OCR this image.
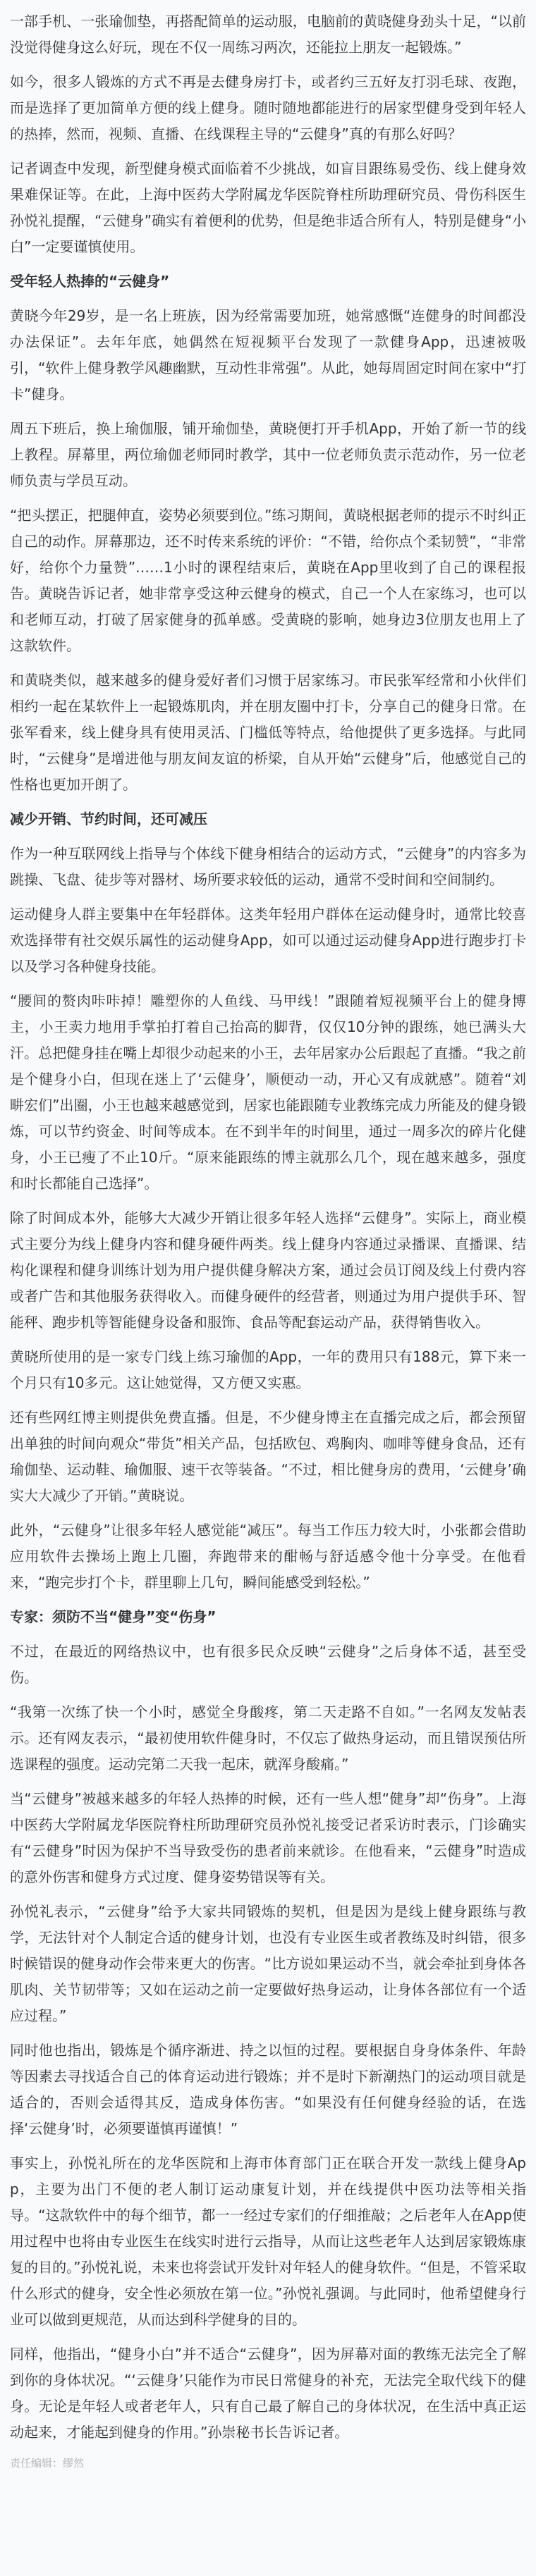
一部手机、一张瑜伽垫，再搭配简单的运动服，电脑前的黄晓健身劲头十足，“以前没觉得健身这么好玩，现在不仅一周练习两次，还能拉上朋友一起锻炼。”

如今，很多人锻炼的方式不再是去健身房打卡，或者约三五好友打羽毛球、夜跑，而是选择了更加简单方便的线上健身。随时随地都能进行的居家型健身受到年轻人的热捧，然而，视频、直播、在线课程主导的“云健身”真的有那么好吗？

记者调查中发现，新型健身模式面临着不少挑战，如盲目跟练易受伤、线上健身效果难保证等。在此，上海中医药大学附属龙华医院脊柱所助理研究员、骨伤科医生孙悦礼提醒，“云健身”确实有着便利的优势，但是绝非适合所有人，特别是健身“小白”一定要谨慎使用。

受年轻人热捧的“云健身”

黄晓今年29岁，是一名上班族，因为经常需要加班，她常感慨“连健身的时间都没办法保证”。去年年底，她偶然在短视频平台发现了一款健身App，迅速被吸引，“软件上健身教学风趣幽默，互动性非常强”。从此，她每周固定时间在家中“打卡”健身。

周五下班后，换上瑜伽服，铺开瑜伽垫，黄晓便打开手机App，开始了新一节的线上教程。屏幕里，两位瑜伽老师同时教学，其中一位老师负责示范动作，另一位老师负责与学员互动。

“把头摆正，把腿伸直，姿势必须要到位。”练习期间，黄晓根据老师的提示不时纠正自己的动作。屏幕那边，还不时传来系统的评价：“不错，给你点个柔韧赞”，“非常好，给你个力量赞”……1小时的课程结束后，黄晓在App里收到了自己的课程报告。黄晓告诉记者，她非常享受这种云健身的模式，自己一个人在家练习，也可以和老师互动，打破了居家健身的孤单感。受黄晓的影响，她身边3位朋友也用上了这款软件。

和黄晓类似，越来越多的健身爱好者们习惯于居家练习。市民张军经常和小伙伴们相约一起在某软件上一起锻炼肌肉，并在朋友圈中打卡，分享自己的健身日常。在张军看来，线上健身具有使用灵活、门槛低等特点，给他提供了更多选择。与此同时，“云健身”是增进他与朋友间友谊的桥梁，自从开始“云健身”后，他感觉自己的性格也更加开朗了。

减少开销、节约时间，还可减压

作为一种互联网线上指导与个体线下健身相结合的运动方式，“云健身”的内容多为跳操、飞盘、徒步等对器材、场所要求较低的运动，通常不受时间和空间制约。

运动健身人群主要集中在年轻群体。这类年轻用户群体在运动健身时，通常比较喜欢选择带有社交娱乐属性的运动健身App，如可以通过运动健身App进行跑步打卡以及学习各种健身技能。

“腰间的赘肉咔咔掉！雕塑你的人鱼线、马甲线！”跟随着短视频平台上的健身博主，小王卖力地用手掌拍打着自己抬高的脚背，仅仅10分钟的跟练，她已满头大汗。总把健身挂在嘴上却很少动起来的小王，去年居家办公后跟起了直播。“我之前是个健身小白，但现在迷上了‘云健身’，顺便动一动，开心又有成就感”。随着“刘畊宏们”出圈，小王也越来越感觉到，居家也能跟随专业教练完成力所能及的健身锻炼，可以节约资金、时间等成本。在不到半年的时间里，通过一周多次的碎片化健身，小王已瘦了不止10斤。“原来能跟练的博主就那么几个，现在越来越多，强度和时长都能自己选择”。

除了时间成本外，能够大大减少开销让很多年轻人选择“云健身”。实际上，商业模式主要分为线上健身内容和健身硬件两类。线上健身内容通过录播课、直播课、结构化课程和健身训练计划为用户提供健身解决方案，通过会员订阅及线上付费内容或者广告和其他服务获得收入。而健身硬件的经营者，则通过为用户提供手环、智能秤、跑步机等智能健身设备和服饰、食品等配套运动产品，获得销售收入。

黄晓所使用的是一家专门线上练习瑜伽的App，一年的费用只有188元，算下来一个月只有10多元。这让她觉得，又方便又实惠。

还有些网红博主则提供免费直播。但是，不少健身博主在直播完成之后，都会预留出单独的时间向观众“带货”相关产品，包括欧包、鸡胸肉、咖啡等健身食品，还有瑜伽垫、运动鞋、瑜伽服、速干衣等装备。“不过，相比健身房的费用，‘云健身’确实大大减少了开销。”黄晓说。

此外，“云健身”让很多年轻人感觉能“减压”。每当工作压力较大时，小张都会借助应用软件去操场上跑上几圈，奔跑带来的酣畅与舒适感令他十分享受。在他看来，“跑完步打个卡，群里聊上几句，瞬间能感受到轻松。”

专家：须防不当“健身”变“伤身”

不过，在最近的网络热议中，也有很多民众反映“云健身”之后身体不适，甚至受伤。

“我第一次练了快一个小时，感觉全身酸疼，第二天走路不自如。”一名网友发帖表示。还有网友表示，“最初使用软件健身时，不仅忘了做热身运动，而且错误预估所选课程的强度。运动完第二天我一起床，就浑身酸痛。”

当“云健身”被越来越多的年轻人热捧的时候，还有一些人想“健身”却“伤身”。上海中医药大学附属龙华医院脊柱所助理研究员孙悦礼接受记者采访时表示，门诊确实有“云健身”时因为保护不当导致受伤的患者前来就诊。在他看来，“云健身”时造成的意外伤害和健身方式过度、健身姿势错误等有关。

孙悦礼表示，“云健身”给予大家共同锻炼的契机，但是因为是线上健身跟练与教学，无法针对个人制定合适的健身计划，也没有专业医生或者教练及时纠错，很多时候错误的健身动作会带来更大的伤害。“比方说如果运动不当，就会牵扯到身体各肌肉、关节韧带等；又如在运动之前一定要做好热身运动，让身体各部位有一个适应过程。”

同时他也指出，锻炼是个循序渐进、持之以恒的过程。要根据自身身体条件、年龄等因素去寻找适合自己的体育运动进行锻炼；并不是时下新潮热门的运动项目就是适合的，否则会适得其反，造成身体伤害。“如果没有任何健身经验的话，在选择‘云健身’时，必须要谨慎再谨慎！”

事实上，孙悦礼所在的龙华医院和上海市体育部门正在联合开发一款线上健身App，主要为出门不便的老人制订运动康复计划，并在线提供中医功法等相关指导。“这款软件中的每个细节，都一一经过专家们的仔细推敲；之后老年人在App使用过程中也将由专业医生在线实时进行云指导，从而让这些老年人达到居家锻炼康复的目的。”孙悦礼说，未来也将尝试开发针对年轻人的健身软件。“但是，不管采取什么形式的健身，安全性必须放在第一位。”孙悦礼强调。与此同时，他希望健身行业可以做到更规范，从而达到科学健身的目的。

同样，他指出，“健身小白”并不适合“云健身”，因为屏幕对面的教练无法完全了解到你的身体状况。“‘云健身’只能作为市民日常健身的补充，无法完全取代线下的健身。无论是年轻人或者老年人，只有自己最了解自己的身体状况，在生活中真正运动起来，才能起到健身的作用。”孙崇秘书长告诉记者。

责任编辑：缪然
